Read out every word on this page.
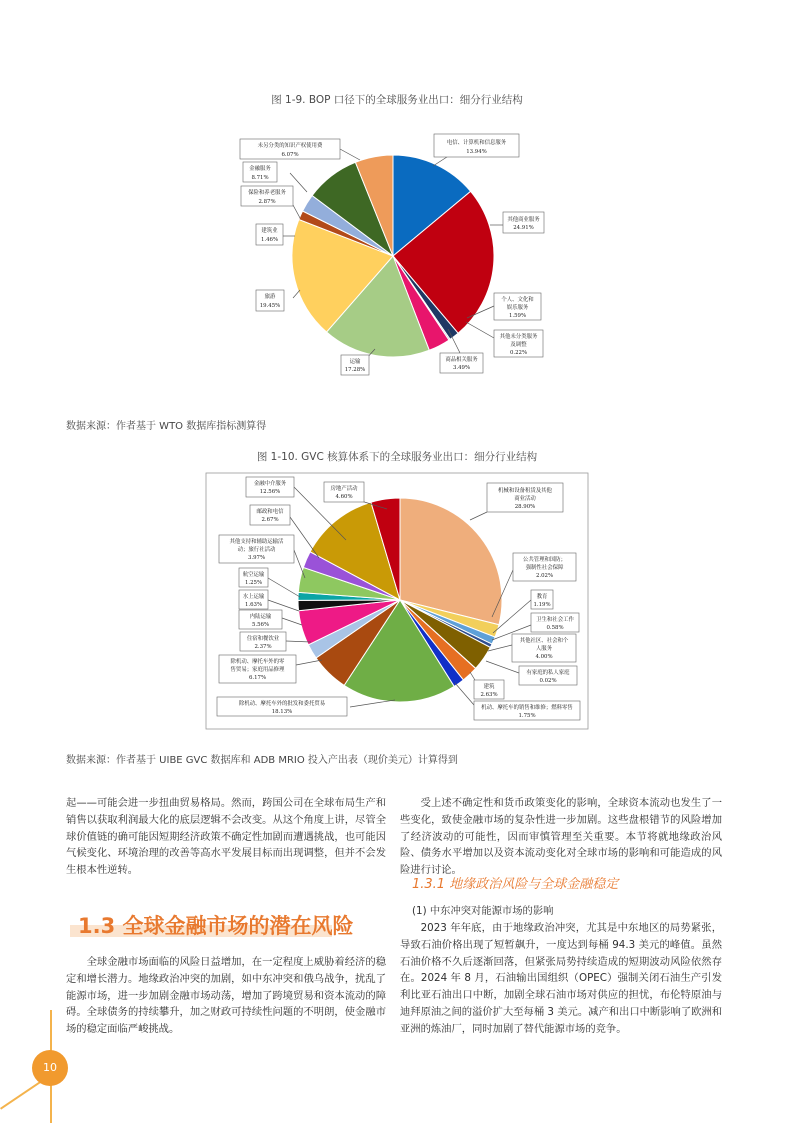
图 1-9. BOP 口径下的全球服务业出口：细分行业结构
电信、计算机和信息服务
13.94%
其他商业服务
24.91%
个人、文化和
娱乐服务
1.59%
其他未分类服务
及调整
0.22%
商品相关服务
3.49%
运输
17.28%
旅游
19.45%
建筑业
1.46%
保险和养老服务
2.87%
金融服务
8.71%
未另分类的知识产权使用费
6.07%
数据来源：作者基于 WTO 数据库指标测算得
图 1-10. GVC 核算体系下的全球服务业出口：细分行业结构
机械和设备租赁及其他
商业活动
28.90%
公共管理和国防；
强制性社会保障
2.02%
教育
1.19%
卫生和社会工作
0.58%
其他社区、社会和个
人服务
4.00%
有家庭的私人家庭
0.02%
建筑
2.63%
机动、摩托车的销售和维修；燃料零售
1.75%
除机动、摩托车外的批发和委托贸易
18.13%
除机动、摩托车外的零
售贸易；家庭用品修理
6.17%
住宿和餐饮业
2.37%
内陆运输
5.56%
水上运输
1.63%
航空运输
1.25%
其他支持和辅助运输活
动；旅行社活动
3.97%
邮政和电信
2.67%
金融中介服务
12.56%	房地产活动
4.60%
数据来源：作者基于 UIBE GVC 数据库和 ADB MRIO 投入产出表（现价美元）计算得到
起——可能会进一步扭曲贸易格局。然而，跨国公司在全球布局生产和销售以获取利润最大化的底层逻辑不会改变。从这个角度上讲，尽管全球价值链的确可能因短期经济政策不确定性加剧而遭遇挑战，也可能因气候变化、环境治理的改善等高水平发展目标而出现调整，但并不会发生根本性逆转。
1.3 全球金融市场的潜在风险
全球金融市场面临的风险日益增加，在一定程度上威胁着经济的稳定和增长潜力。地缘政治冲突的加剧，如中东冲突和俄乌战争，扰乱了能源市场，进一步加剧金融市场动荡，增加了跨境贸易和资本流动的障碍。全球债务的持续攀升，加之财政可持续性问题的不明朗，使金融市场的稳定面临严峻挑战。
受上述不确定性和货币政策变化的影响，全球资本流动也发生了一些变化，致使金融市场的复杂性进一步加剧。这些盘根错节的风险增加了经济波动的可能性，因而审慎管理至关重要。本节将就地缘政治风险、债务水平增加以及资本流动变化对全球市场的影响和可能造成的风险进行讨论。
1.3.1 地缘政治风险与全球金融稳定
(1) 中东冲突对能源市场的影响
2023 年年底，由于地缘政治冲突，尤其是中东地区的局势紧张，导致石油价格出现了短暂飙升，一度达到每桶 94.3 美元的峰值。虽然石油价格不久后逐渐回落，但紧张局势持续造成的短期波动风险依然存在。2024 年 8 月，石油输出国组织（OPEC）强制关闭石油生产引发利比亚石油出口中断，加剧全球石油市场对供应的担忧，布伦特原油与迪拜原油之间的溢价扩大至每桶 3 美元。减产和出口中断影响了欧洲和亚洲的炼油厂，同时加剧了替代能源市场的竞争。
10
